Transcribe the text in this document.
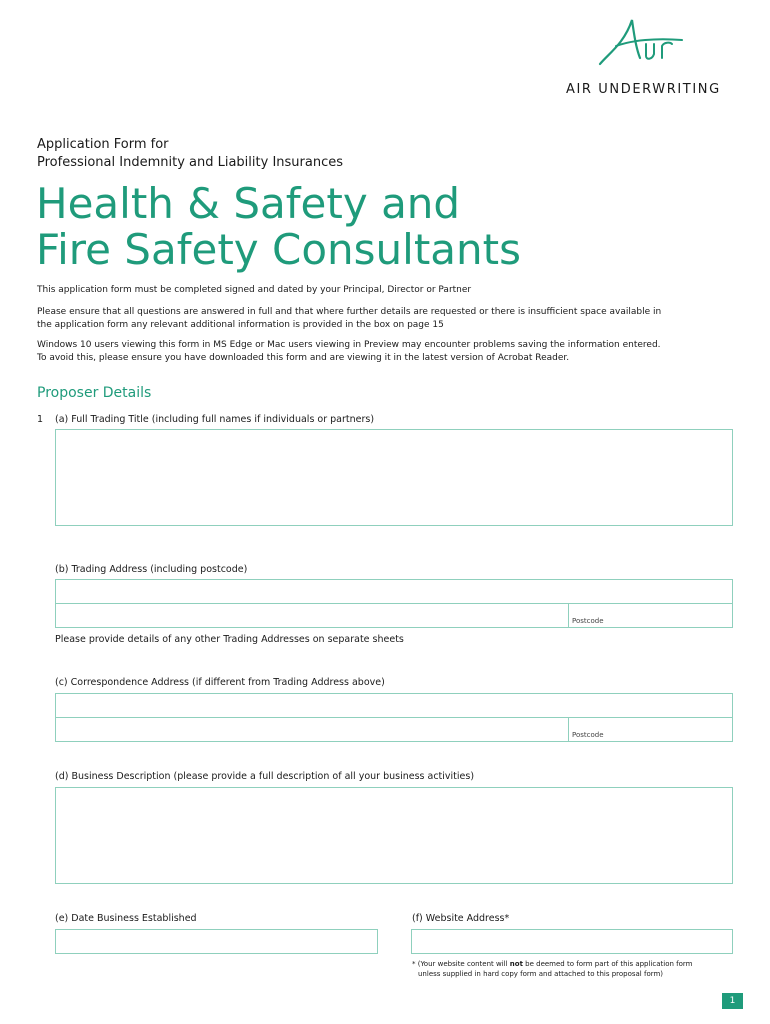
AIR UNDERWRITING
Application Form for
Professional Indemnity and Liability Insurances
Health & Safety and
Fire Safety Consultants
This application form must be completed signed and dated by your Principal, Director or Partner
Please ensure that all questions are answered in full and that where further details are requested or there is insufficient space available in
the application form any relevant additional information is provided in the box on page 15
Windows 10 users viewing this form in MS Edge or Mac users viewing in Preview may encounter problems saving the information entered.
To avoid this, please ensure you have downloaded this form and are viewing it in the latest version of Acrobat Reader.
Proposer Details
1 (a) Full Trading Title (including full names if individuals or partners)
(b) Trading Address (including postcode)
Postcode
Please provide details of any other Trading Addresses on separate sheets
(c) Correspondence Address (if different from Trading Address above)
Postcode
(d) Business Description (please provide a full description of all your business activities)
(e) Date Business Established	(f) Website Address*
* (Your website content will not be deemed to form part of this application form
unless supplied in hard copy form and attached to this proposal form)
1
